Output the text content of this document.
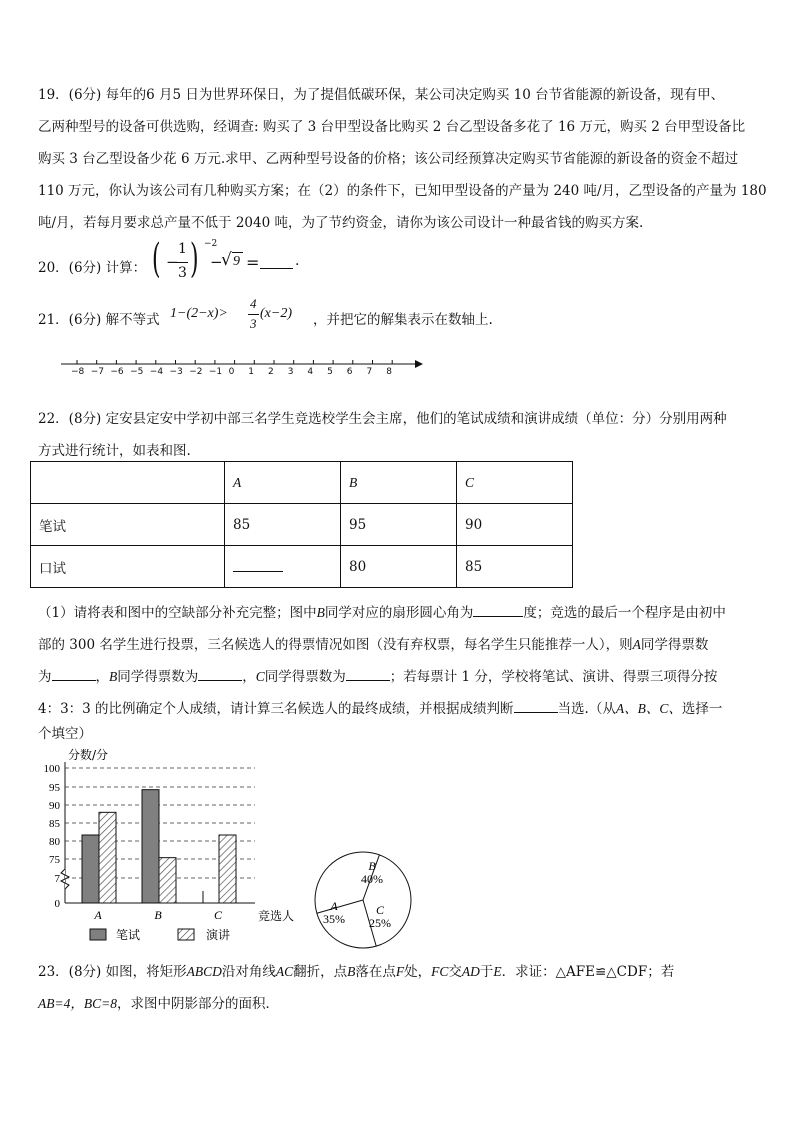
19．(6分) 每年的6 月5 日为世界环保日，为了提倡低碳环保，某公司决定购买 10 台节省能源的新设备，现有甲、
乙两种型号的设备可供选购，经调查: 购买了 3 台甲型设备比购买 2 台乙型设备多花了 16 万元，购买 2 台甲型设备比
购买 3 台乙型设备少花 6 万元.求甲、乙两种型号设备的价格；该公司经预算决定购买节省能源的新设备的资金不超过
110 万元，你认为该公司有几种购买方案；在（2）的条件下，已知甲型设备的产量为 240 吨/月，乙型设备的产量为 180
吨/月，若每月要求总产量不低于 2040 吨，为了节约资金，请你为该公司设计一种最省钱的购买方案.
20．(6分) 计算： ( −
1
3 ) −2
−
√ 9 =	.
21．(6分) 解不等式 1−(2−x)>
4
3
(x−2) ，并把它的解集表示在数轴上.
−8 −7 −6 −5 −4 −3 −2 −1 0 1 2 3 4 5 6 7 8
22．(8分) 定安县定安中学初中部三名学生竞选校学生会主席，他们的笔试成绩和演讲成绩（单位：分）分别用两种
方式进行统计，如表和图.
	A	B	C
笔试	85	95	90
口试		80	85
（1）请将表和图中的空缺部分补充完整；图中B同学对应的扇形圆心角为	度；竞选的最后一个程序是由初中
部的 300 名学生进行投票，三名候选人的得票情况如图（没有弃权票，每名学生只能推荐一人），则A同学得票数
为	，B同学得票数为	，C同学得票数为	；若每票计 1 分，学校将笔试、演讲、得票三项得分按
4：3：3 的比例确定个人成绩，请计算三名候选人的最终成绩，并根据成绩判断	当选.（从A、B、C、选择一
个填空）
0
7
75
80
85
90
95
100
A	B	C
分数/分
竞选人
笔试	演讲
A
35%
B
40%
C
25%
23．(8分) 如图，将矩形ABCD沿对角线AC翻折，点B落在点F处，FC交AD于E．求证：△AFE≌△CDF；若
AB=4，BC=8，求图中阴影部分的面积．
